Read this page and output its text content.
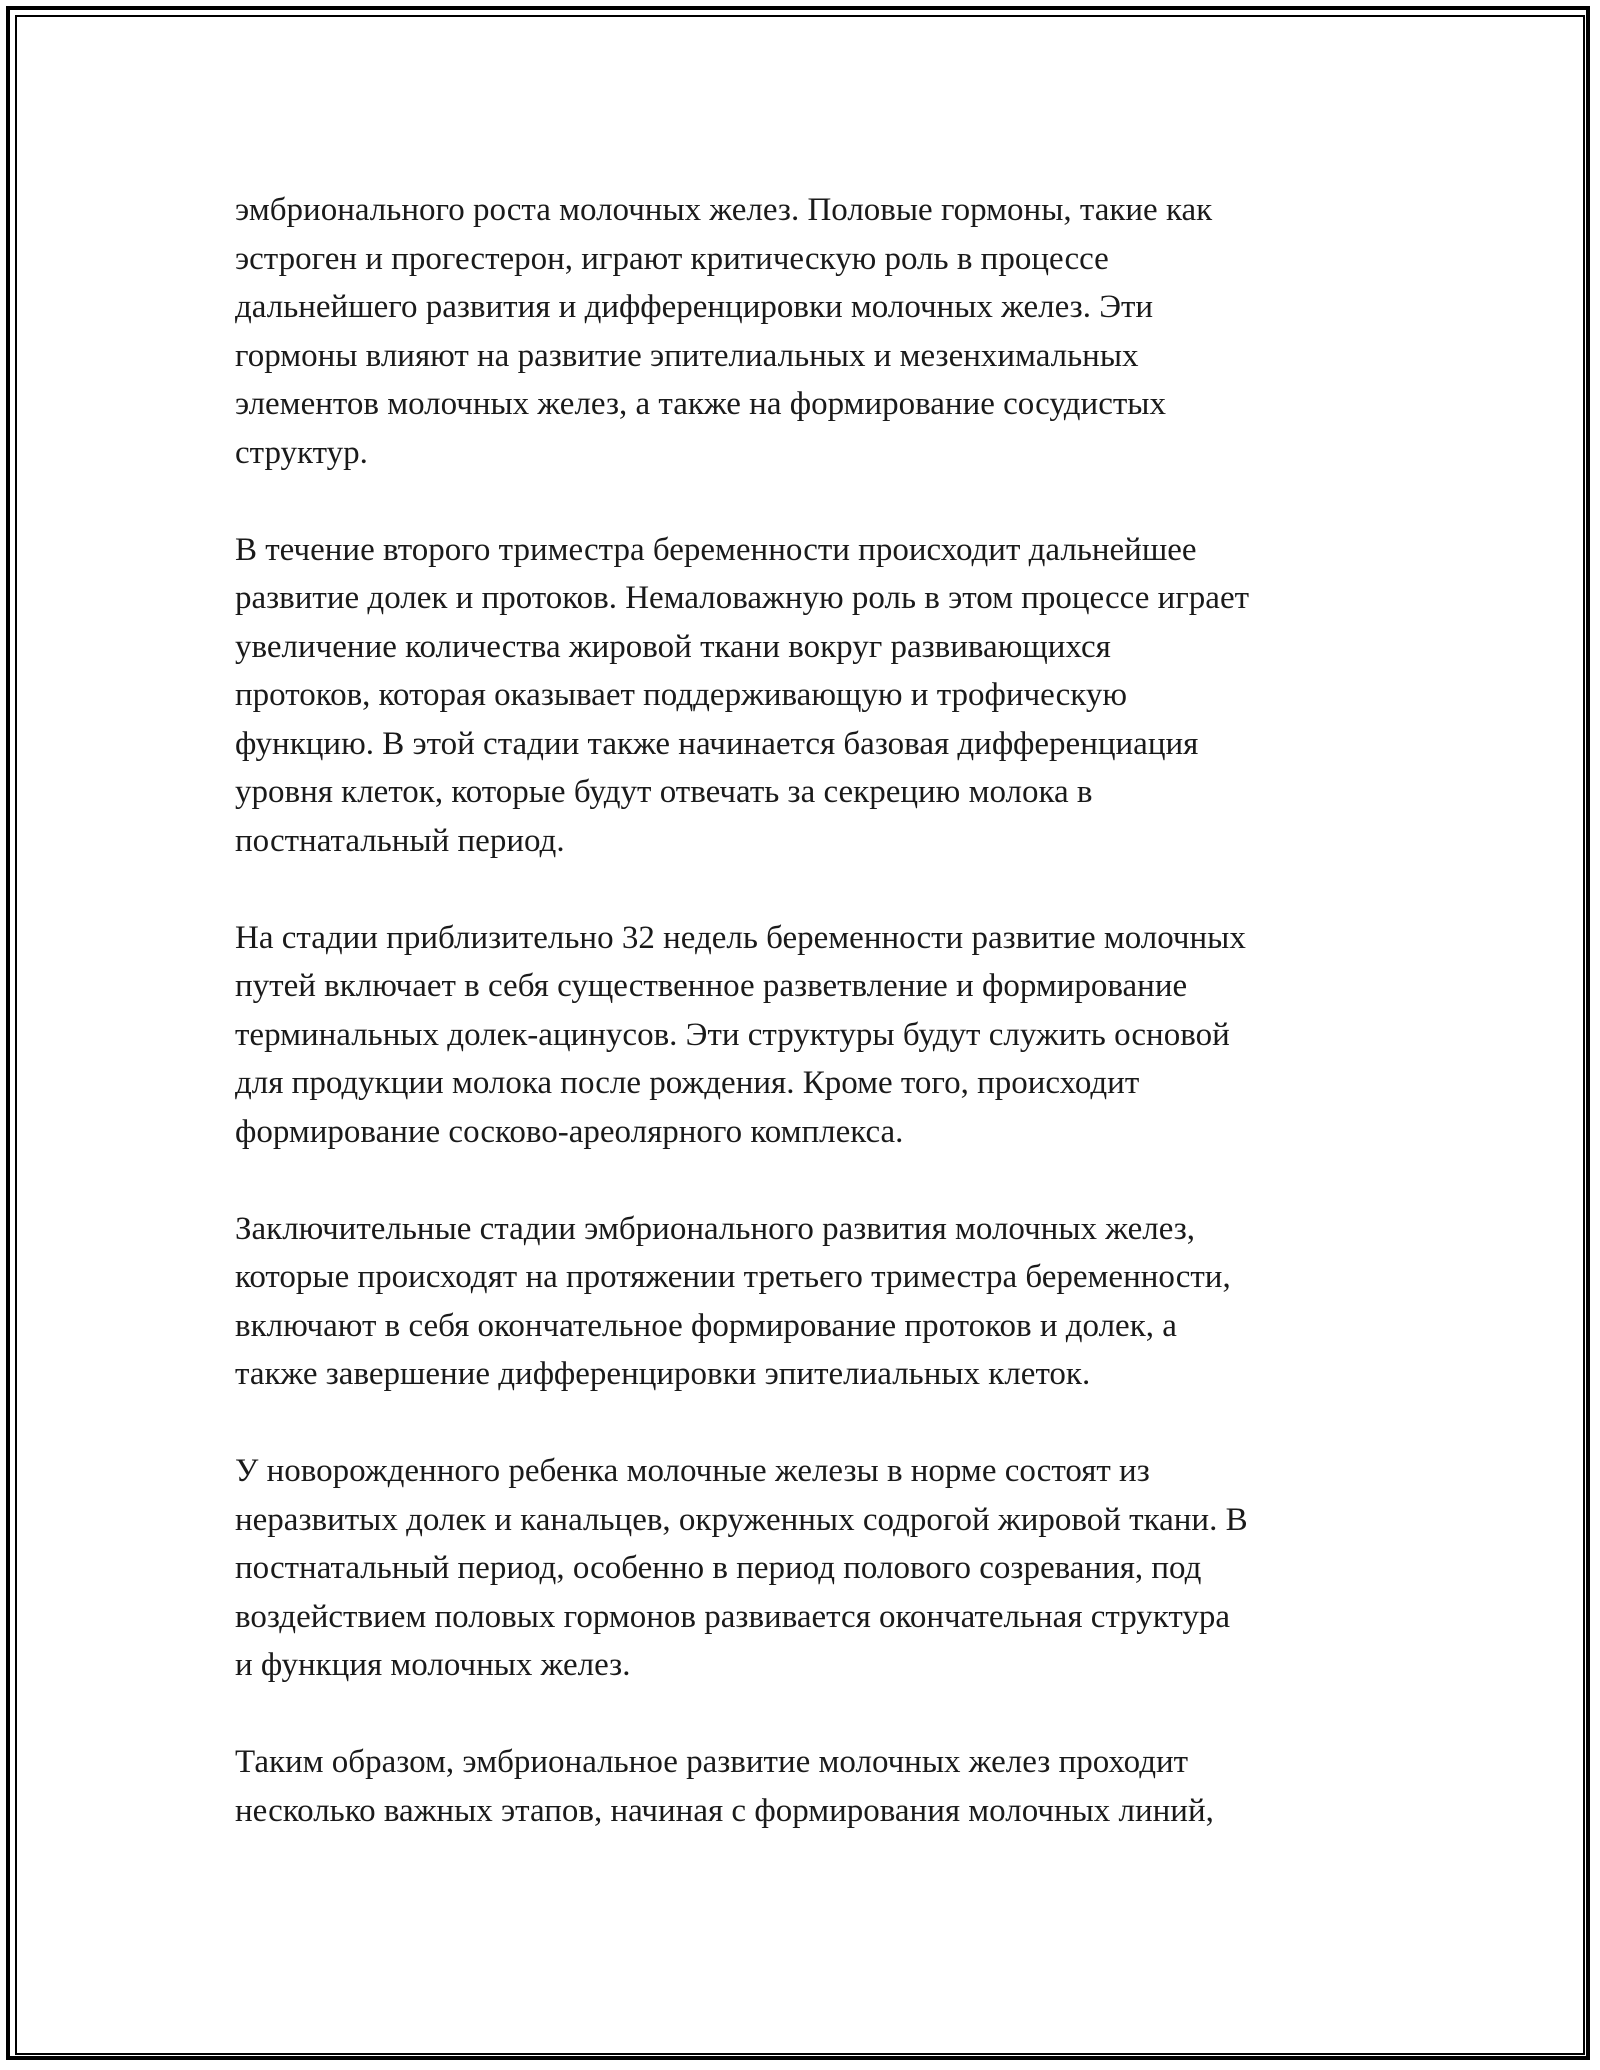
эмбрионального роста молочных желез. Половые гормоны, такие как
эстроген и прогестерон, играют критическую роль в процессе
дальнейшего развития и дифференцировки молочных желез. Эти
гормоны влияют на развитие эпителиальных и мезенхимальных
элементов молочных желез, а также на формирование сосудистых
структур.

В течение второго триместра беременности происходит дальнейшее
развитие долек и протоков. Немаловажную роль в этом процессе играет
увеличение количества жировой ткани вокруг развивающихся
протоков, которая оказывает поддерживающую и трофическую
функцию. В этой стадии также начинается базовая дифференциация
уровня клеток, которые будут отвечать за секрецию молока в
постнатальный период.

На стадии приблизительно 32 недель беременности развитие молочных
путей включает в себя существенное разветвление и формирование
терминальных долек-ацинусов. Эти структуры будут служить основой
для продукции молока после рождения. Кроме того, происходит
формирование сосково-ареолярного комплекса.

Заключительные стадии эмбрионального развития молочных желез,
которые происходят на протяжении третьего триместра беременности,
включают в себя окончательное формирование протоков и долек, а
также завершение дифференцировки эпителиальных клеток.

У новорожденного ребенка молочные железы в норме состоят из
неразвитых долек и канальцев, окруженных содрогой жировой ткани. В
постнатальный период, особенно в период полового созревания, под
воздействием половых гормонов развивается окончательная структура
и функция молочных желез.

Таким образом, эмбриональное развитие молочных желез проходит
несколько важных этапов, начиная с формирования молочных линий,
